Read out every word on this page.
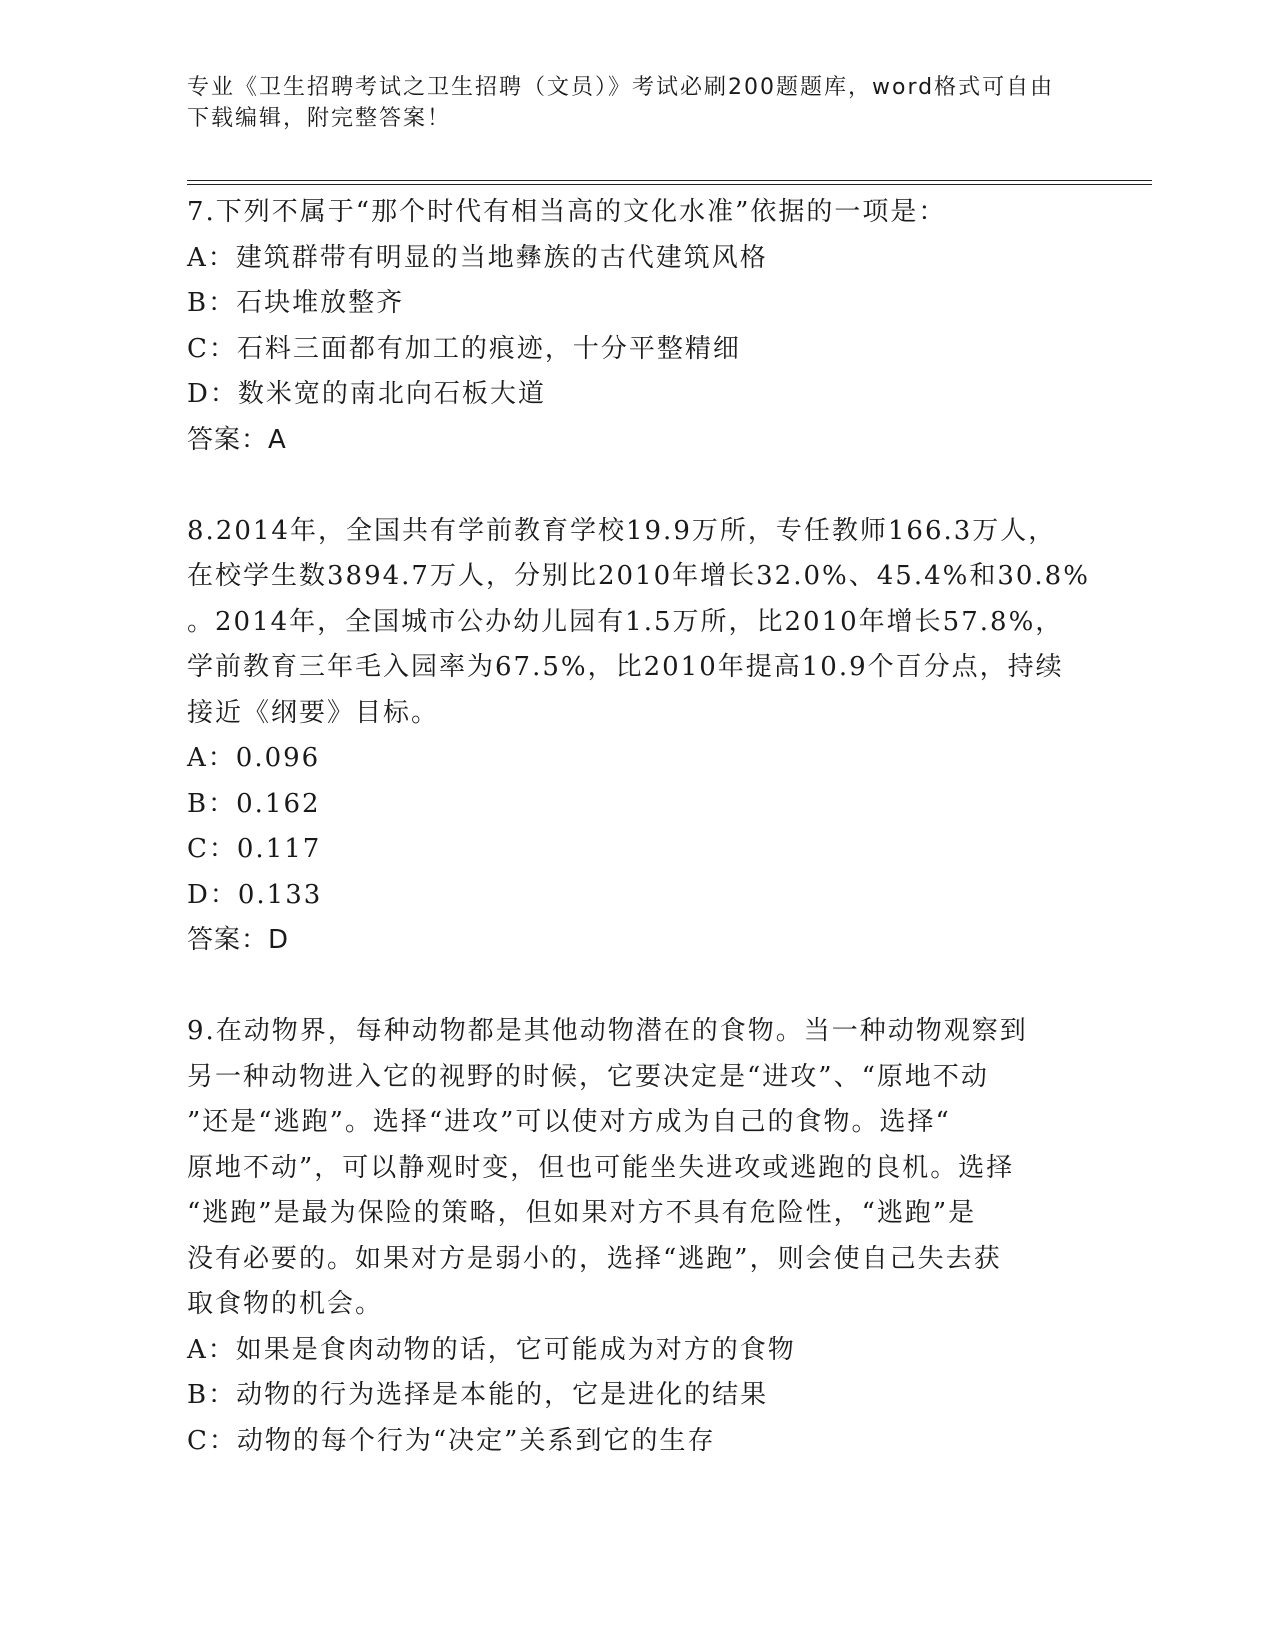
专业《卫生招聘考试之卫生招聘（文员）》考试必刷200题题库，word格式可自由下载编辑，附完整答案！
7.下列不属于“那个时代有相当高的文化水准”依据的一项是：
A：建筑群带有明显的当地彝族的古代建筑风格
B：石块堆放整齐
C：石料三面都有加工的痕迹，十分平整精细
D：数米宽的南北向石板大道
答案：A
8.2014年，全国共有学前教育学校19.9万所，专任教师166.3万人，
在校学生数3894.7万人，分别比2010年增长32.0%、45.4%和30.8%
。2014年，全国城市公办幼儿园有1.5万所，比2010年增长57.8%，
学前教育三年毛入园率为67.5%，比2010年提高10.9个百分点，持续
接近《纲要》目标。
A：0.096
B：0.162
C：0.117
D：0.133
答案：D
9.在动物界，每种动物都是其他动物潜在的食物。当一种动物观察到
另一种动物进入它的视野的时候，它要决定是“进攻”、“原地不动
”还是“逃跑”。选择“进攻”可以使对方成为自己的食物。选择“
原地不动”，可以静观时变，但也可能坐失进攻或逃跑的良机。选择
“逃跑”是最为保险的策略，但如果对方不具有危险性，“逃跑”是
没有必要的。如果对方是弱小的，选择“逃跑”，则会使自己失去获
取食物的机会。
A：如果是食肉动物的话，它可能成为对方的食物
B：动物的行为选择是本能的，它是进化的结果
C：动物的每个行为“决定”关系到它的生存
